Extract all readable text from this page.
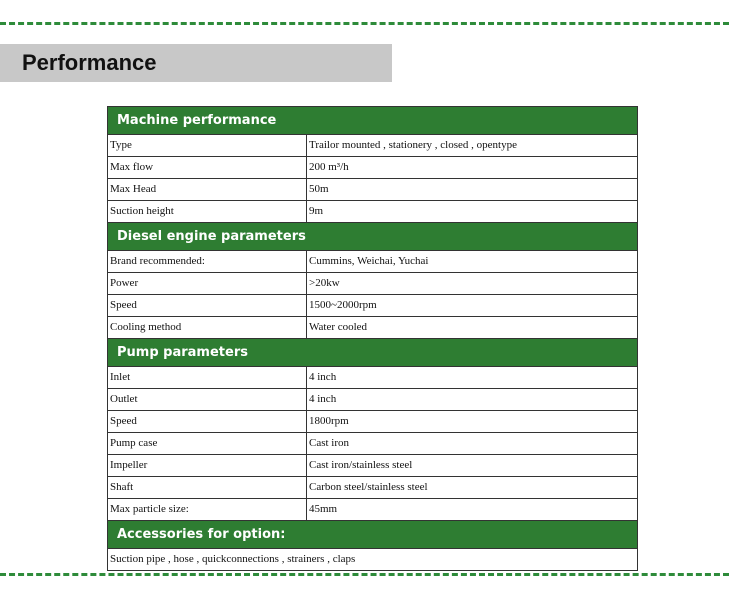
Performance
Machine performance
Type	Trailor mounted , stationery , closed , opentype
Max flow	200 m³/h
Max Head	50m
Suction height	9m
Diesel engine parameters
Brand recommended:	Cummins, Weichai, Yuchai
Power	>20kw
Speed	1500~2000rpm
Cooling method	Water cooled
Pump parameters
Inlet	4 inch
Outlet	4 inch
Speed	1800rpm
Pump case	Cast iron
Impeller	Cast iron/stainless steel
Shaft	Carbon steel/stainless steel
Max particle size:	45mm
Accessories for option:
Suction pipe , hose , quickconnections , strainers , claps
